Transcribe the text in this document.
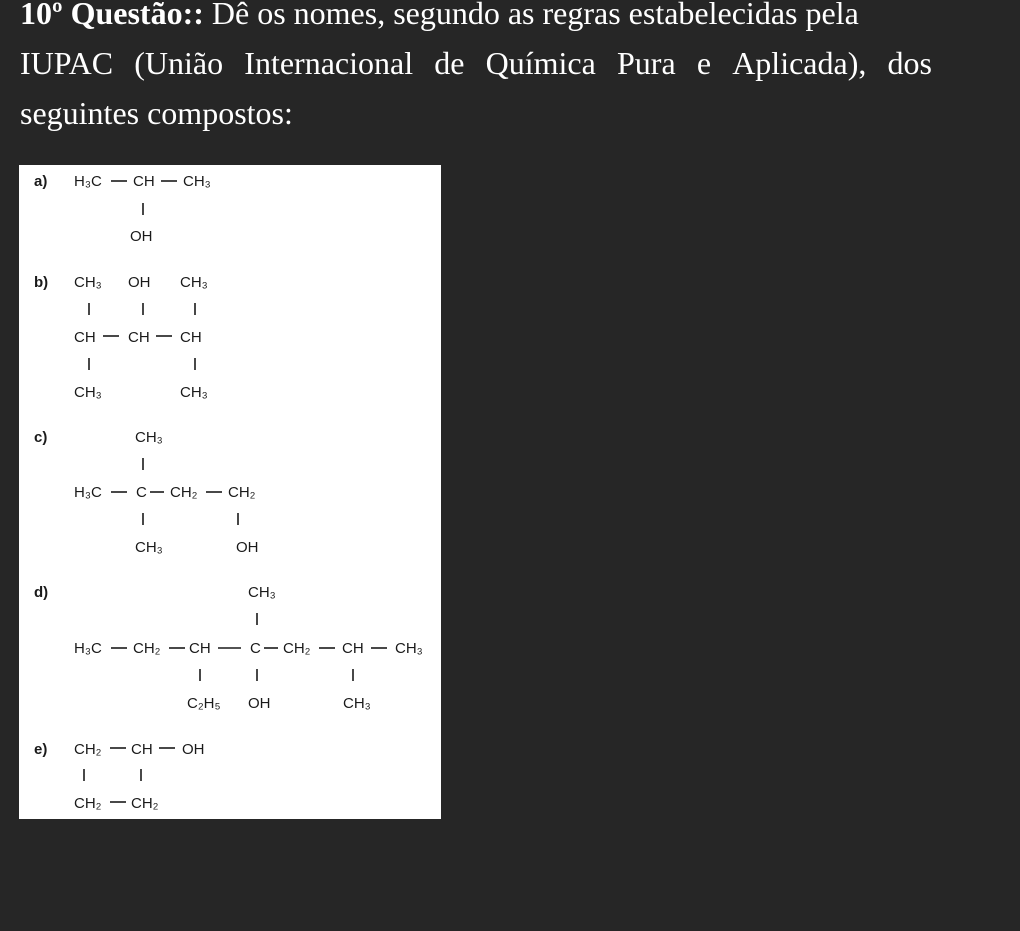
10º Questão:: Dê os nomes, segundo as regras estabelecidas pela
IUPAC (União Internacional de Química Pura e Aplicada), dos
seguintes compostos:
a) H₃C CH CH₃
OH
b) CH₃ OH CH₃
CH CH CH
CH₃	CH₃
c)	CH₃
H₃C C CH₂ CH₂
CH₃	OH
d)	CH₃
H₃C CH₂ CH	C CH₂ CH CH₃
C₂H₅ OH	CH₃
e) CH₂ CH OH
CH₂ CH₂
